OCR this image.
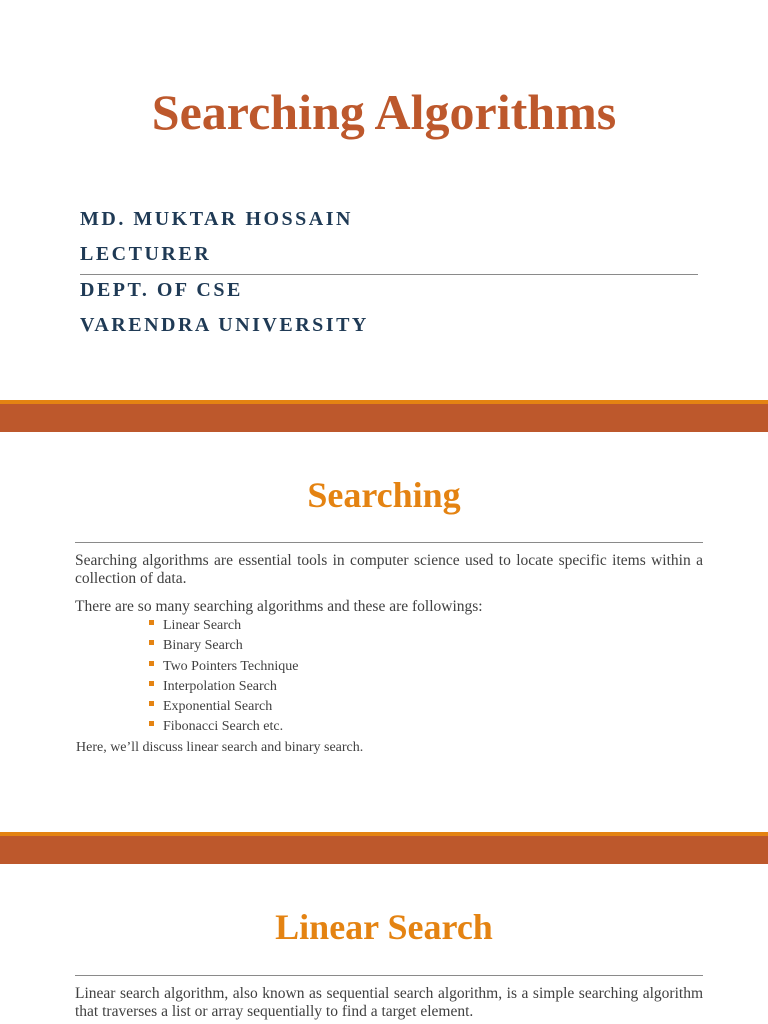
Searching Algorithms
MD. MUKTAR HOSSAIN
LECTURER
DEPT. OF CSE
VARENDRA UNIVERSITY
Searching
Searching algorithms are essential tools in computer science used to locate specific items within a collection of data.
There are so many searching algorithms and these are followings:
Linear Search
Binary Search
Two Pointers Technique
Interpolation Search
Exponential Search
Fibonacci Search etc.
Here, we’ll discuss linear search and binary search.
Linear Search
Linear search algorithm, also known as sequential search algorithm, is a simple searching algorithm that traverses a list or array sequentially to find a target element.
